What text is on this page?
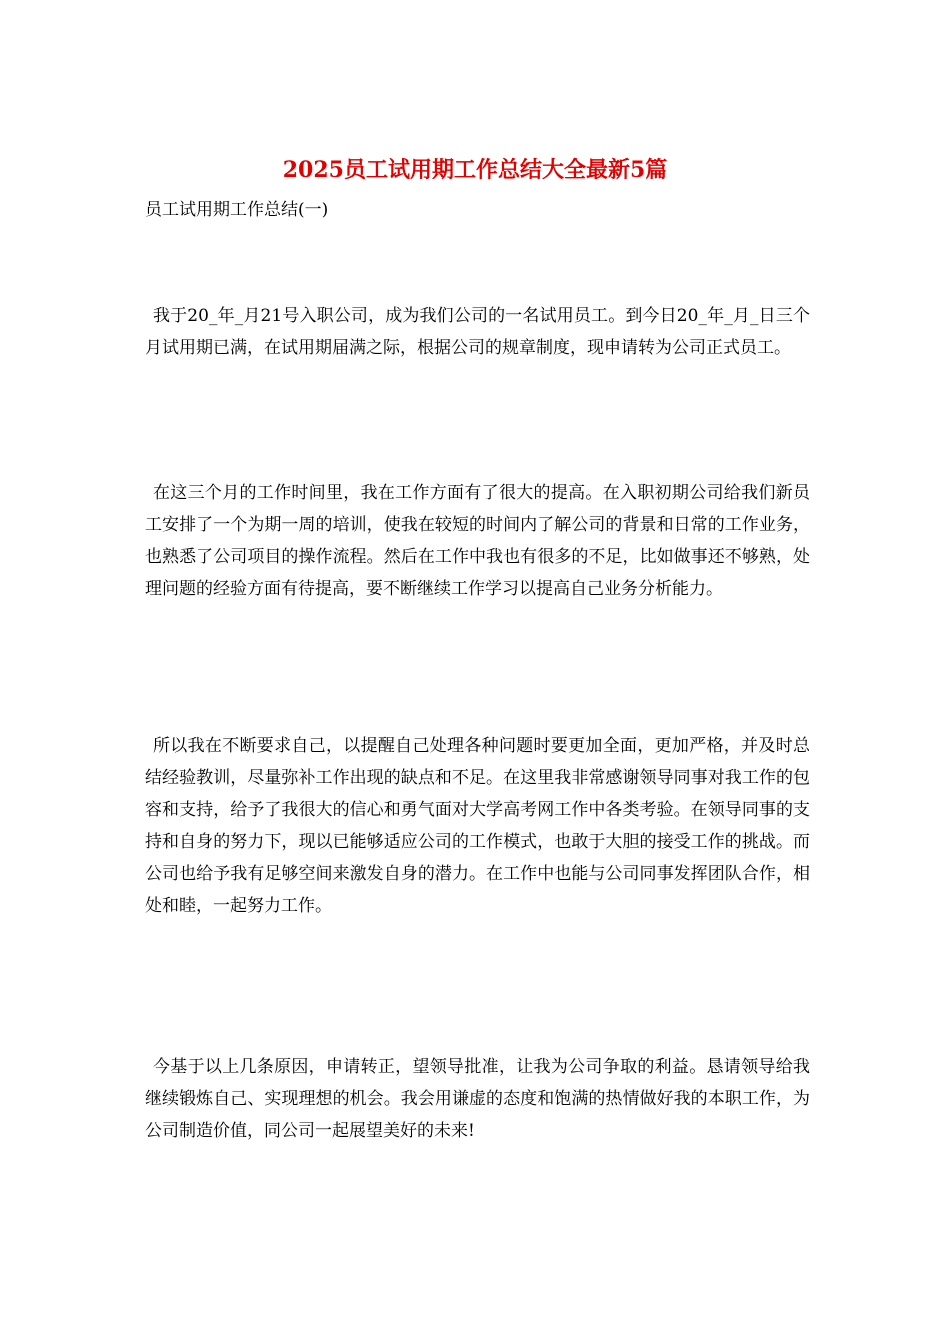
2025员工试用期工作总结大全最新5篇

员工试用期工作总结(一)

我于20_年_月21号入职公司，成为我们公司的一名试用员工。到今日20_年_月_日三个月试用期已满，在试用期届满之际，根据公司的规章制度，现申请转为公司正式员工。

在这三个月的工作时间里，我在工作方面有了很大的提高。在入职初期公司给我们新员工安排了一个为期一周的培训，使我在较短的时间内了解公司的背景和日常的工作业务，也熟悉了公司项目的操作流程。然后在工作中我也有很多的不足，比如做事还不够熟，处理问题的经验方面有待提高，要不断继续工作学习以提高自己业务分析能力。

所以我在不断要求自己，以提醒自己处理各种问题时要更加全面，更加严格，并及时总结经验教训，尽量弥补工作出现的缺点和不足。在这里我非常感谢领导同事对我工作的包容和支持，给予了我很大的信心和勇气面对大学高考网工作中各类考验。在领导同事的支持和自身的努力下，现以已能够适应公司的工作模式，也敢于大胆的接受工作的挑战。而公司也给予我有足够空间来激发自身的潜力。在工作中也能与公司同事发挥团队合作，相处和睦，一起努力工作。

今基于以上几条原因，申请转正，望领导批准，让我为公司争取的利益。恳请领导给我继续锻炼自己、实现理想的机会。我会用谦虚的态度和饱满的热情做好我的本职工作，为公司制造价值，同公司一起展望美好的未来!
